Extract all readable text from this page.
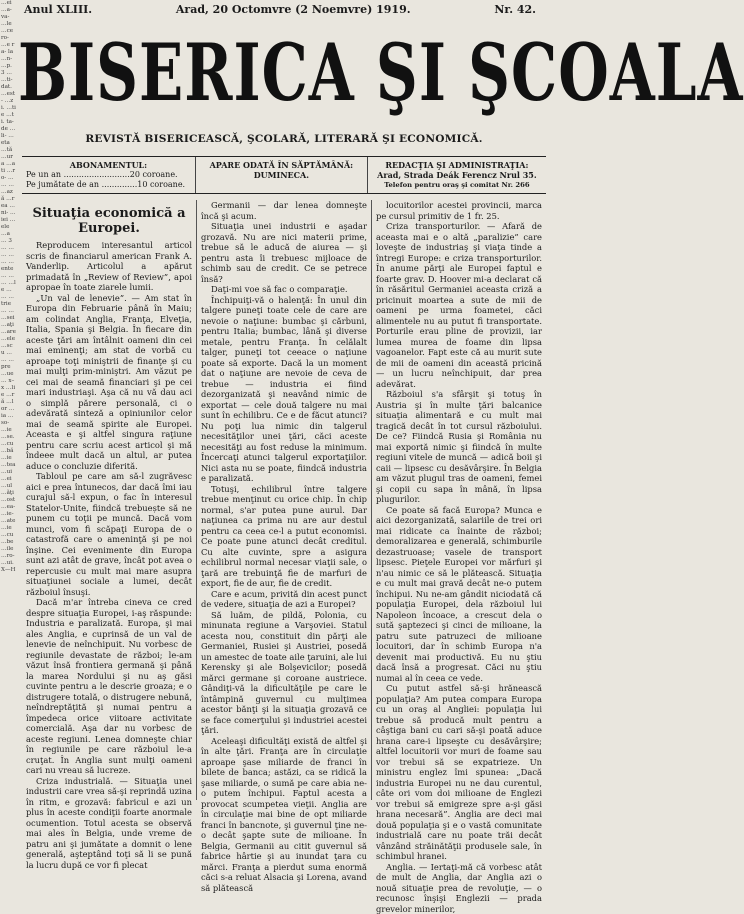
…ei …a- va- …le …ce ro- …e ra- la …n- …p. 3 … …ti- dat. …est- …zi. …tie …ti. ta- de …li- …eta …tă …ura …ati …ro- … … … …ază …rea …ni- …iei …ele …a … 3 … … … … … …ente … … … …le … … …trie … … …sei …aţi …are …ele …scu … … …pre …ue … x–x …lie …ră …lor …ia …so- …ie …se. …cu …bă …ie …tea …ui …ei …ul …ăţi …ost …ea- …ie- …ate …ie …cu …be …ile …ro- …ui. X—H
Anul XLIII.	Arad, 20 Octomvre (2 Noemvre) 1919.	Nr. 42.
BISERICA ŞI ŞCOALA
REVISTĂ BISERICEASCĂ, ŞCOLARĂ, LITERARĂ ŞI ECONOMICĂ.
ABONAMENTUL:
Pe un an ..........................20 coroane.
Pe jumătate de an ..............10 coroane.
APARE ODATĂ ÎN SĂPTĂMÂNĂ:
DUMINECA.
REDACŢIA ŞI ADMINISTRAŢIA:
Arad, Strada Deák Ferencz Nrul 35.
Telefon pentru oraş şi comitat Nr. 266
Situaţia economică a Europei.

Reproducem interesantul articol scris de financiarul american Frank A. Vanderlip. Articolul a apărut primadată în „Review of Review”, apoi apropae în toate ziarele lumii.

„Un val de lenevie”. — Am stat în Europa din Februarie până în Maiu; am colindat Anglia, Franţa, Elveţia, Italia, Spania şi Belgia. În fiecare din aceste ţări am întâlnit oameni din cei mai eminenţi; am stat de vorbă cu aproape toţi miniştrii de finanţe şi cu mai mulţi prim-miniştri. Am văzut pe cei mai de seamă financiari şi pe cei mari industriaşi. Aşa că nu vă dau aci o simplă părere personală, ci o adevărată sinteză a opiniunilor celor mai de seamă spirite ale Europei. Aceasta e şi altfel singura raţiune pentru care scriu acest articol şi mă îndeee mult dacă un altul, ar putea aduce o concluzie diferită.

Tabloul pe care am să-l zugrăvesc aici e prea întunecos, dar dacă îmi iau curajul să-l expun, o fac în interesul Statelor-Unite, fiindcă trebuește să ne punem cu toţii pe muncă. Dacă vom munci, vom fi scăpaţi Europa de o catastrofă care o ameninţă şi pe noi înşine. Cei evenimente din Europa sunt azi atât de grave, încât pot avea o repercusie cu mult mai mare asupra situaţiunei sociale a lumei, decât războiul însuşi.

Dacă m'ar întreba cineva ce cred despre situaţia Europei, i-aş răspunde: Industria e paralizată. Europa, şi mai ales Anglia, e cuprinsă de un val de lenevie de neînchipuit. Nu vorbesc de regiunile devastate de război; le-am văzut însă frontiera germană şi până la marea Nordului şi nu aş găsi cuvinte pentru a le descrie groaza; e o distrugere totală, o distrugere nebună, neîndreptăţită şi numai pentru a împedeca orice viitoare activitate comercială. Aşa dar nu vorbesc de aceste regiuni. Lenea domneşte chiar în regiunile pe care războiul le-a cruţat. În Anglia sunt mulţi oameni cari nu vreau să lucreze.

Criza industrială. — Situaţia unei industrii care vrea să-şi reprindă uzina în ritm, e grozavă: fabricul e azi un plus în aceste condiţii foarte anormale ocumention. Totul acesta se observă mai ales în Belgia, unde vreme de patru ani şi jumătate a domnit o lene generală, aşteptând toţi să li se pună la lucru după ce vor fi plecat

Germanii — dar lenea domneşte încă şi acum.

Situaţia unei industrii e aşadar grozavă. Nu are nici materii prime, trebue să le aducă de aiurea — şi pentru asta îi trebuesc mijloace de schimb sau de credit. Ce se petrece însă?

Daţi-mi voe să fac o comparaţie.

Închipuiţi-vă o halenţă: În unul din talgere puneţi toate cele de care are nevoie o naţiune: bumbac şi cărbuni, pentru Italia; bumbac, lână şi diverse metale, pentru Franţa. În celălalt talger, puneţi tot ceeace o naţiune poate să exporte. Dacă la un moment dat o naţiune are nevoie de ceva de trebue — industria ei fiind dezorganizată şi neavând nimic de exportat — cele două talgere nu mai sunt în echilibru. Ce e de făcut atunci? Nu poţi lua nimic din talgerul necesităţilor unei ţări, căci aceste necesităţi au fost reduse la minimum. Încercaţi atunci talgerul exportaţiilor. Nici asta nu se poate, fiindcă industria e paralizată.

Totuşi, echilibrul între talgere trebue menţinut cu orice chip. În chip normal, s'ar putea pune aurul. Dar naţiunea ca prima nu are aur destul pentru ca ceea ce-l a putut economisi. Ce poate pune atunci decât creditul. Cu alte cuvinte, spre a asigura echilibrul normal necesar viaţii sale, o ţară are trebuinţă fie de marfuri de export, fie de aur, fie de credit.

Care e acum, privită din acest punct de vedere, situaţia de azi a Europei?

Să luăm, de pildă, Polonia, cu minunata regiune a Varşoviei. Statul acesta nou, constituit din părţi ale Germaniei, Rusiei şi Austriei, posedă un amestec de toate aile ţaruini, ale lui Kerensky şi ale Bolşevicilor; posedă mărci germane şi coroane austriece. Gândiţi-vă la dificultăţile pe care le întâmpină guvernul cu mulţimea acestor bănţi şi la situaţia grozavă ce se face comerţului şi industriei acestei ţări.

Aceleaşi dificultăţi există de altfel şi în alte ţări. Franţa are în circulaţie aproape şase miliarde de franci în bilete de banca; astăzi, ca se ridică la şase miliarde, o sumă pe care abia ne-o putem închipui. Faptul acesta a provocat scumpetea vieţii. Anglia are în circulaţie mai bine de opt miliarde franci în bancnote, şi guvernul ţine ne-o decât şapte sute de milioane. În Belgia, Germanii au citit guvernul să fabrice hârtie şi au inundat ţara cu mărci. Franţa a pierdut suma enormă căci s-a reluat Alsacia şi Lorena, avand să plătească

locuitorilor acestei provincii, marca pe cursul primitiv de 1 fr. 25.

Criza transporturilor. — Afară de aceasta mai e o altă „paralizie” care loveşte de industriaş şi viaţa tinde a întregi Europe: e criza transporturilor. În anume părţi ale Europei faptul e foarte grav. D. Hoover mi-a declarat că în răsăritul Germaniei aceasta criză a pricinuit moartea a sute de mii de oameni pe urma foametei, căci alimentele nu au putut fi transportate. Porturile erau pline de provizii, iar lumea murea de foame din lipsa vagoanelor. Fapt este că au murit sute de mii de oameni din această pricină — un lucru neînchipuit, dar prea adevărat.

Războiul s'a sfârşit şi totuş în Austria şi în multe ţări balcanice situaţia alimentară e cu mult mai tragică decât în tot cursul războiului. De ce? Fiindcă Rusia şi România nu mai exportă nimic şi fiindcă în multe regiuni vitele de muncă — adică boii şi caii — lipsesc cu desăvârşire. În Belgia am văzut plugul tras de oameni, femei şi copii cu sapa în mână, în lipsa plugurilor.

Ce poate să facă Europa? Munca e aici dezorganizată, salariile de trei ori mai ridicate ca înainte de război; demoralizarea e generală, schimburile dezastruoase; vasele de transport lipsesc. Pieţele Europei vor mărfuri şi n'au nimic ce să le plătească. Situaţia e cu mult mai gravă decât ne-o putem închipui. Nu ne-am gândit niciodată că populaţia Europei, dela războiul lui Napoleon încoace, a crescut dela o sută şaptezeci şi cinci de milioane, la patru sute patruzeci de milioane locuitori, dar în schimb Europa n'a devenit mai productivă. Eu nu ştiu dacă însă a progresat. Căci nu ştiu numai al în ceea ce vede.

Cu putut astfel să-şi hrănească populaţia? Am putea compara Europa cu un oraş al Angliei: populaţia lui trebue să producă mult pentru a câştiga bani cu cari să-şi poată aduce hrana care-i lipseşte cu desăvârşire; altfel locuitorii vor muri de foame sau vor trebui să se expatrieze. Un ministru englez îmi spunea: „Dacă industria Europei nu ne dau curentul, câte ori vom doi milioane de Englezi vor trebui să emigreze spre a-şi găsi hrana necesară”. Anglia are deci mai două populaţia şi e o vastă comunitate industrială care nu poate trăi decât vânzând străinătăţii produsele sale, în schimbul hranei.

Anglia. — Iertaţi-mă că vorbesc atât de mult de Anglia, dar Anglia azi o nouă situaţie prea de revoluţie, — o recunosc înşişi Englezii — prada grevelor minerilor,
